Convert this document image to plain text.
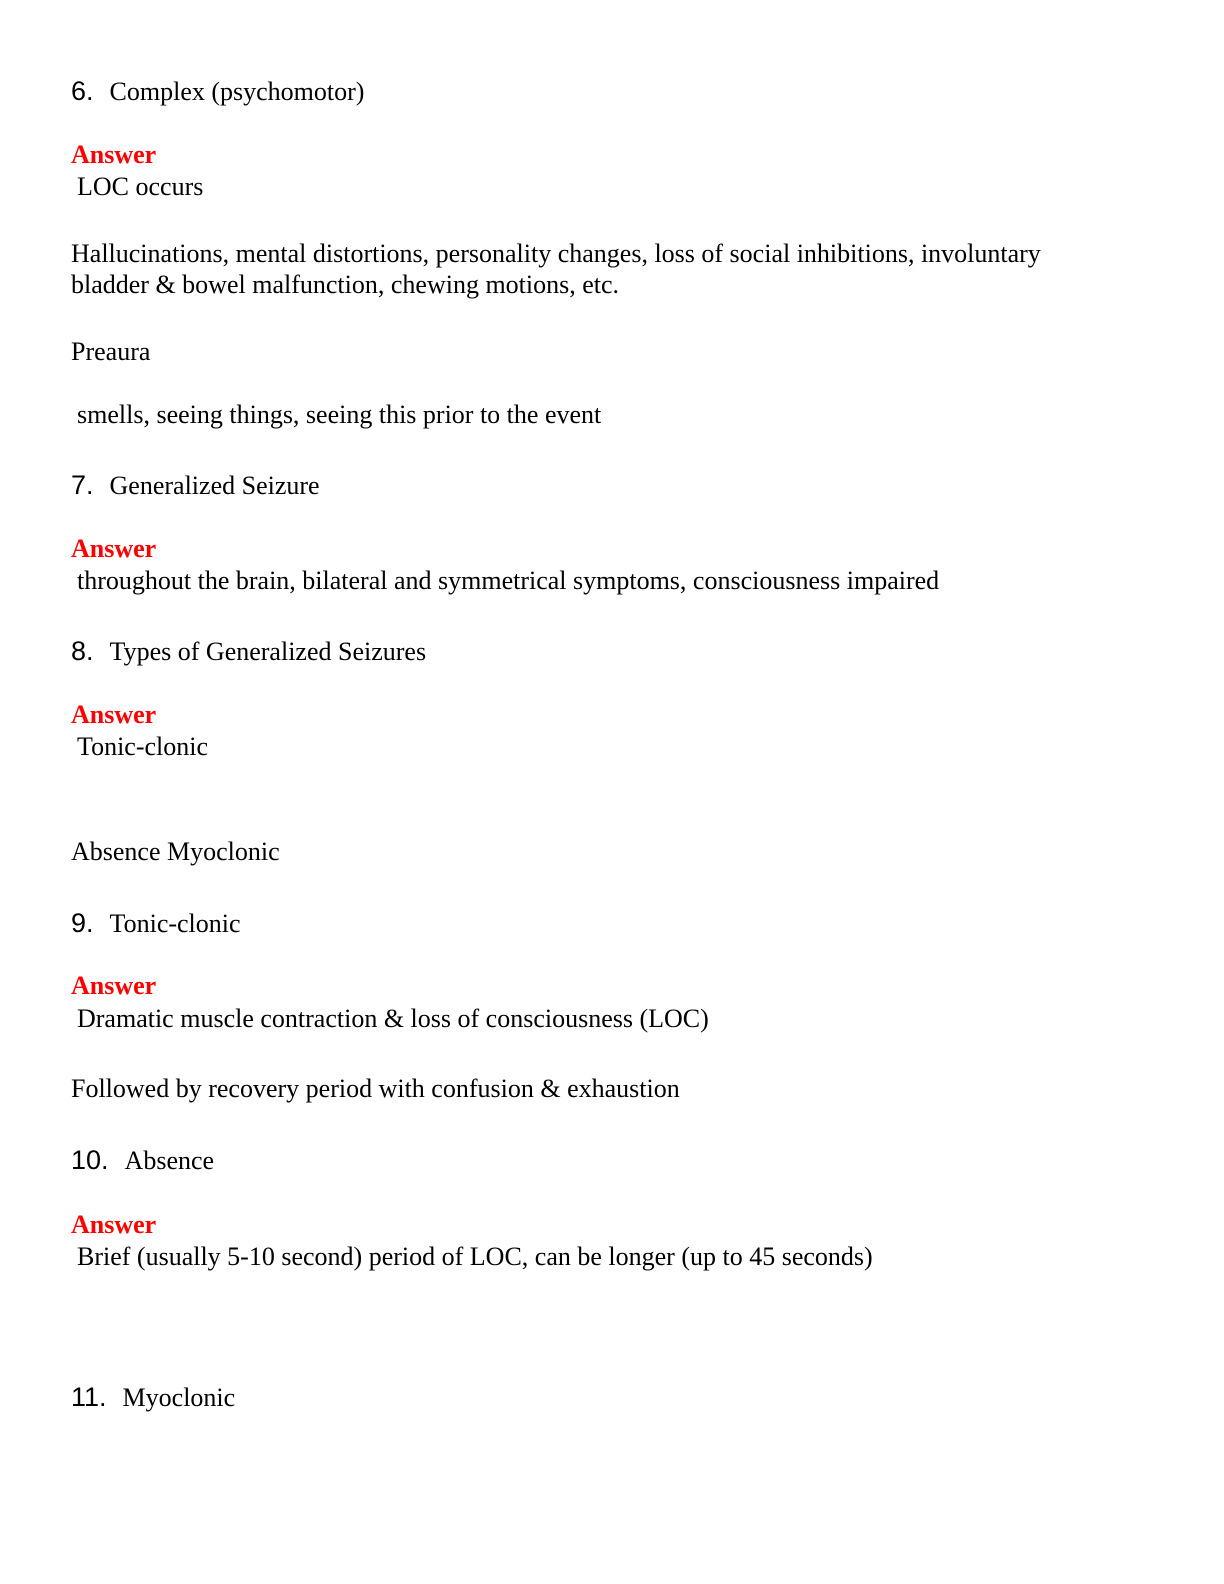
6. Complex (psychomotor)
Answer
LOC occurs
Hallucinations, mental distortions, personality changes, loss of social inhibitions, involuntary bladder & bowel malfunction, chewing motions, etc.
Preaura
smells, seeing things, seeing this prior to the event
7. Generalized Seizure
Answer
throughout the brain, bilateral and symmetrical symptoms, consciousness impaired
8. Types of Generalized Seizures
Answer
Tonic-clonic
Absence Myoclonic
9. Tonic-clonic
Answer
Dramatic muscle contraction & loss of consciousness (LOC)
Followed by recovery period with confusion & exhaustion
10. Absence
Answer
Brief (usually 5-10 second) period of LOC, can be longer (up to 45 seconds)
11. Myoclonic
